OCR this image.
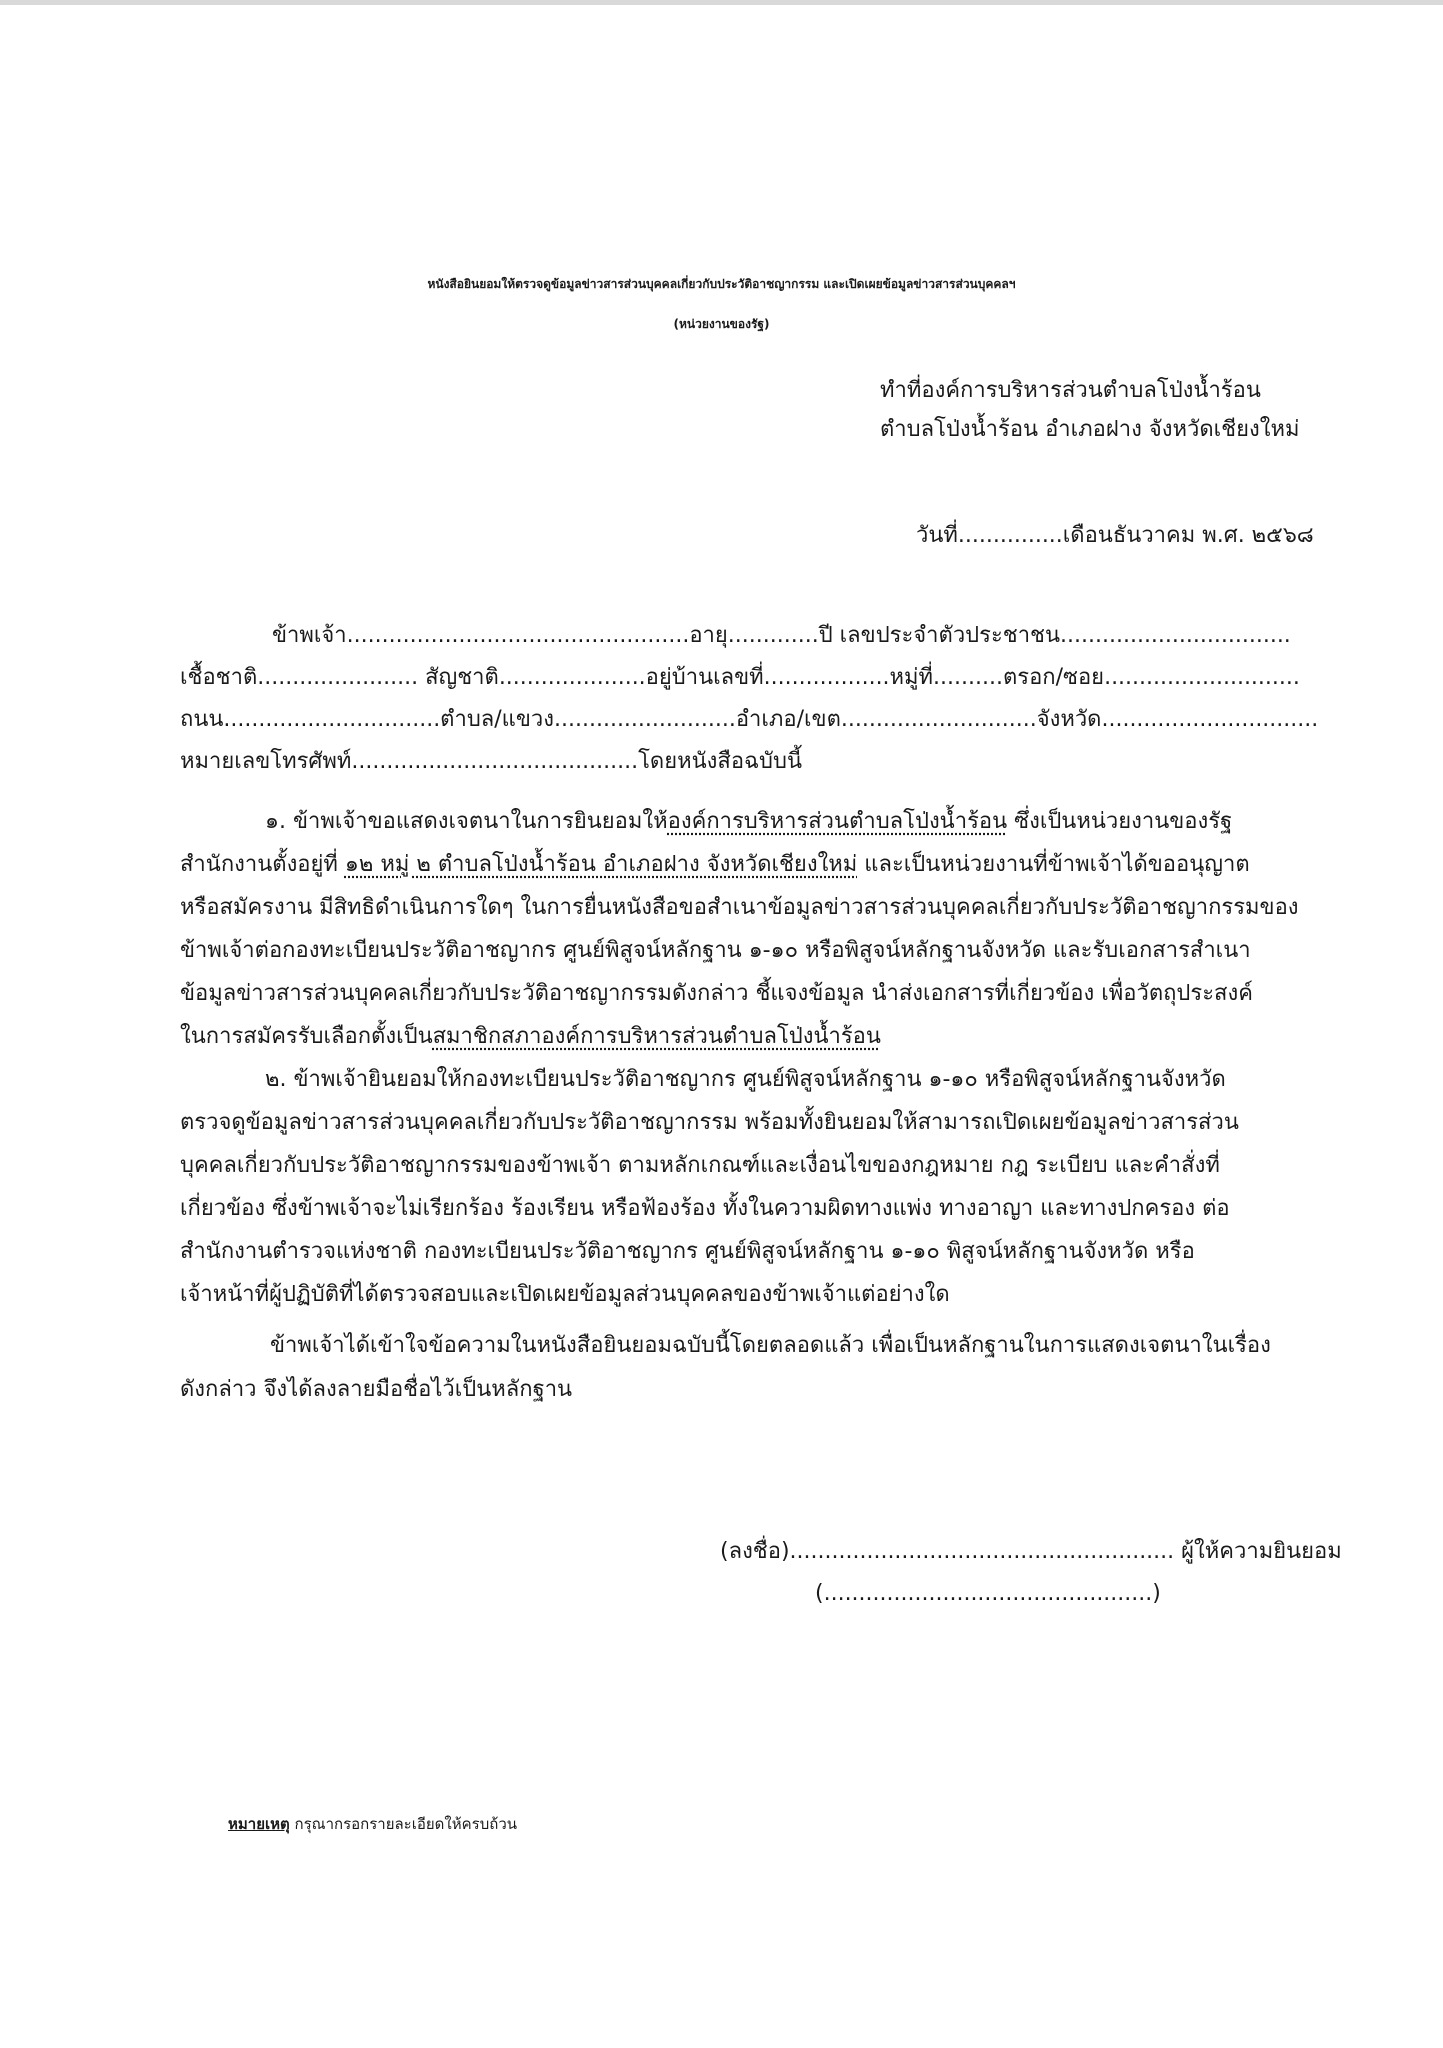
หนังสือยินยอมให้ตรวจดูข้อมูลข่าวสารส่วนบุคคลเกี่ยวกับประวัติอาชญากรรม และเปิดเผยข้อมูลข่าวสารส่วนบุคคลฯ
(หน่วยงานของรัฐ)
ทำที่องค์การบริหารส่วนตำบลโป่งน้ำร้อน
ตำบลโป่งน้ำร้อน อำเภอฝาง จังหวัดเชียงใหม่
วันที่...............เดือนธันวาคม พ.ศ. ๒๕๖๘
ข้าพเจ้า.................................................อายุ.............ปี เลขประจำตัวประชาชน.................................
เชื้อชาติ....................... สัญชาติ.....................อยู่บ้านเลขที่..................หมู่ที่..........ตรอก/ซอย............................
ถนน...............................ตำบล/แขวง..........................อำเภอ/เขต............................จังหวัด...............................
หมายเลขโทรศัพท์.........................................โดยหนังสือฉบับนี้
๑. ข้าพเจ้าขอแสดงเจตนาในการยินยอมให้องค์การบริหารส่วนตำบลโป่งน้ำร้อน ซึ่งเป็นหน่วยงานของรัฐ
สำนักงานตั้งอยู่ที่ ๑๒ หมู่ ๒ ตำบลโป่งน้ำร้อน อำเภอฝาง จังหวัดเชียงใหม่ และเป็นหน่วยงานที่ข้าพเจ้าได้ขออนุญาต
หรือสมัครงาน มีสิทธิดำเนินการใดๆ ในการยื่นหนังสือขอสำเนาข้อมูลข่าวสารส่วนบุคคลเกี่ยวกับประวัติอาชญากรรมของ
ข้าพเจ้าต่อกองทะเบียนประวัติอาชญากร ศูนย์พิสูจน์หลักฐาน ๑-๑๐ หรือพิสูจน์หลักฐานจังหวัด และรับเอกสารสำเนา
ข้อมูลข่าวสารส่วนบุคคลเกี่ยวกับประวัติอาชญากรรมดังกล่าว ชี้แจงข้อมูล นำส่งเอกสารที่เกี่ยวข้อง เพื่อวัตถุประสงค์
ในการสมัครรับเลือกตั้งเป็นสมาชิกสภาองค์การบริหารส่วนตำบลโป่งน้ำร้อน
๒. ข้าพเจ้ายินยอมให้กองทะเบียนประวัติอาชญากร ศูนย์พิสูจน์หลักฐาน ๑-๑๐ หรือพิสูจน์หลักฐานจังหวัด
ตรวจดูข้อมูลข่าวสารส่วนบุคคลเกี่ยวกับประวัติอาชญากรรม พร้อมทั้งยินยอมให้สามารถเปิดเผยข้อมูลข่าวสารส่วน
บุคคลเกี่ยวกับประวัติอาชญากรรมของข้าพเจ้า ตามหลักเกณฑ์และเงื่อนไขของกฎหมาย กฎ ระเบียบ และคำสั่งที่
เกี่ยวข้อง ซึ่งข้าพเจ้าจะไม่เรียกร้อง ร้องเรียน หรือฟ้องร้อง ทั้งในความผิดทางแพ่ง ทางอาญา และทางปกครอง ต่อ
สำนักงานตำรวจแห่งชาติ กองทะเบียนประวัติอาชญากร ศูนย์พิสูจน์หลักฐาน ๑-๑๐ พิสูจน์หลักฐานจังหวัด หรือ
เจ้าหน้าที่ผู้ปฏิบัติที่ได้ตรวจสอบและเปิดเผยข้อมูลส่วนบุคคลของข้าพเจ้าแต่อย่างใด
ข้าพเจ้าได้เข้าใจข้อความในหนังสือยินยอมฉบับนี้โดยตลอดแล้ว เพื่อเป็นหลักฐานในการแสดงเจตนาในเรื่อง
ดังกล่าว จึงได้ลงลายมือชื่อไว้เป็นหลักฐาน
(ลงชื่อ)....................................................... ผู้ให้ความยินยอม
(...............................................)
หมายเหตุ กรุณากรอกรายละเอียดให้ครบถ้วน
